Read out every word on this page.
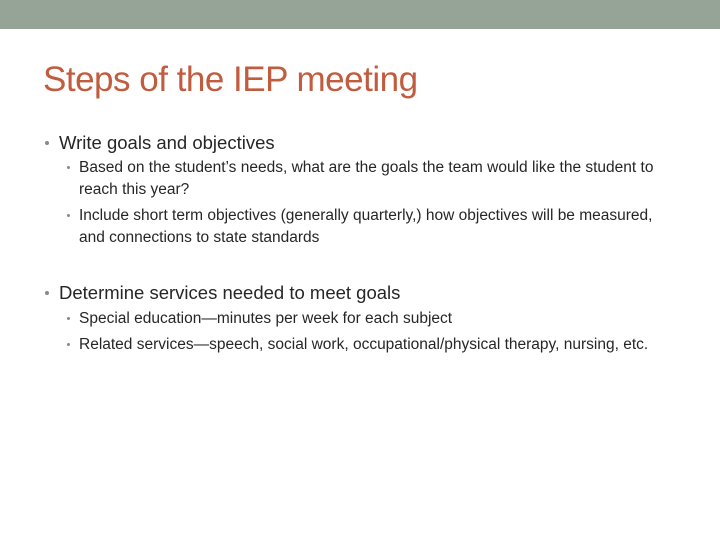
Steps of the IEP meeting
Write goals and objectives
Based on the student’s needs, what are the goals the team would like the student to reach this year?
Include short term objectives (generally quarterly,) how objectives will be measured, and connections to state standards
Determine services needed to meet goals
Special education—minutes per week for each subject
Related services—speech, social work, occupational/physical therapy, nursing, etc.
